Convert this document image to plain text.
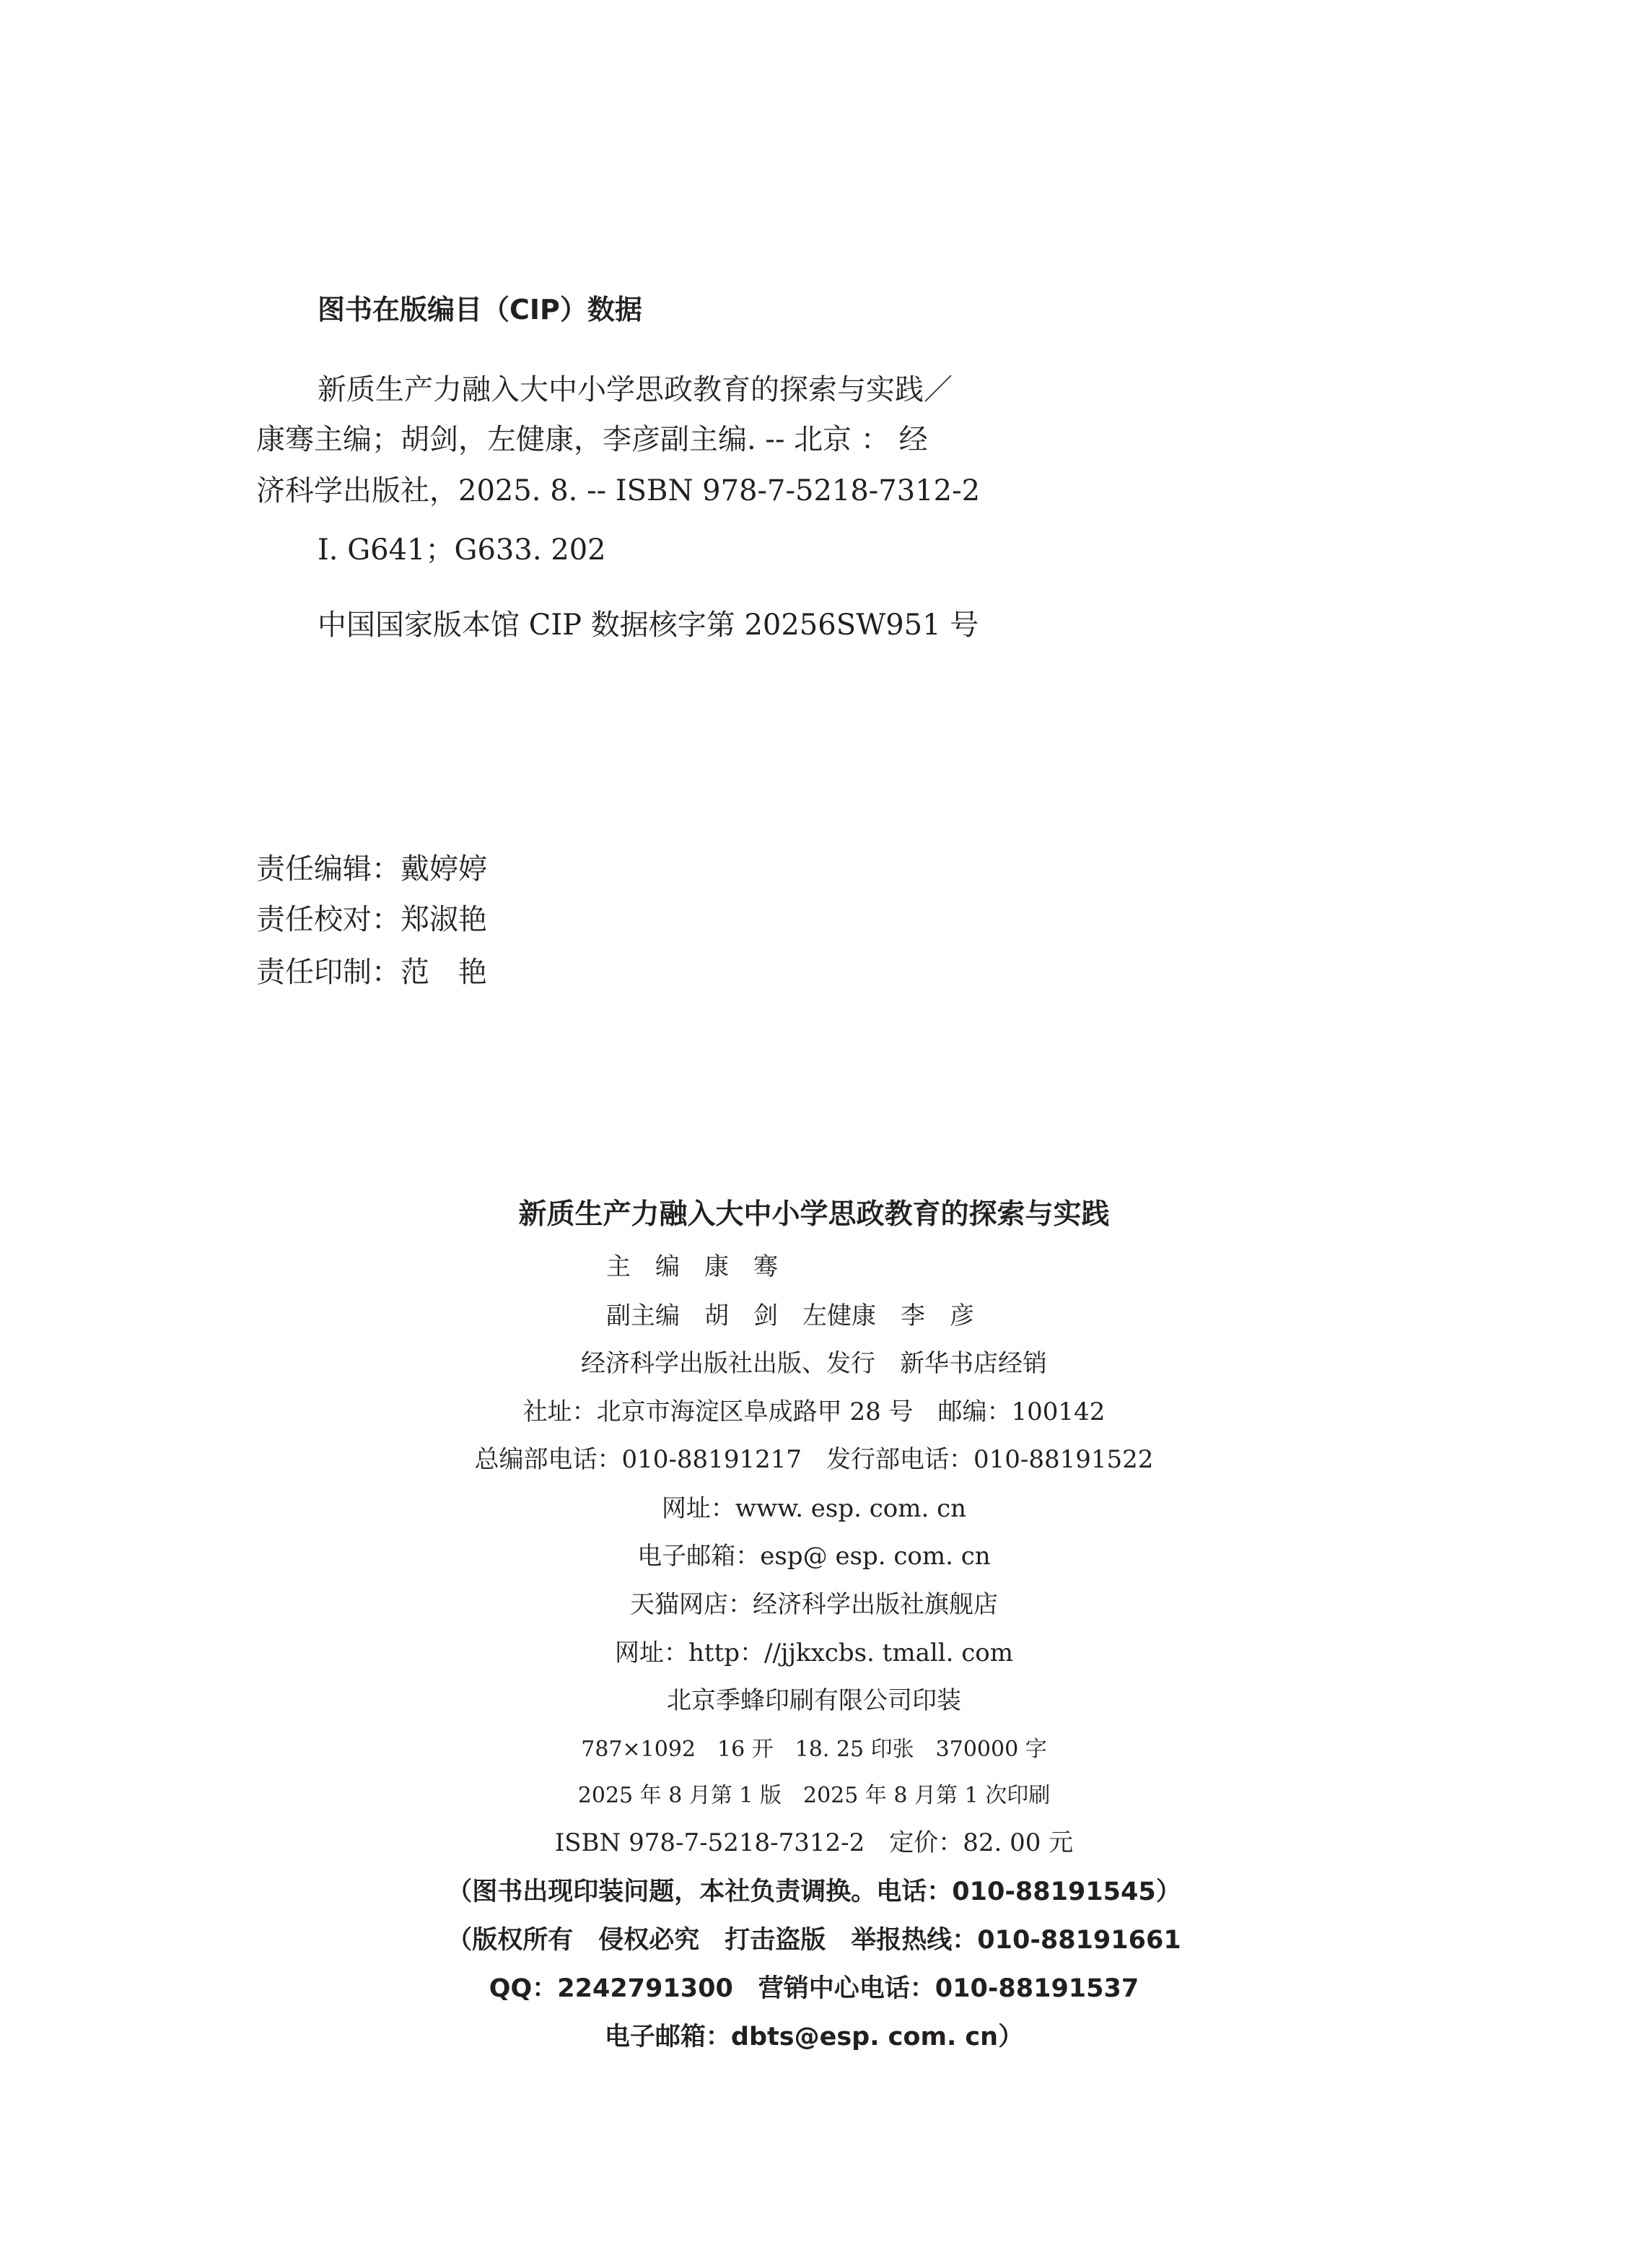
图书在版编目（CIP）数据
新质生产力融入大中小学思政教育的探索与实践／
康骞主编；胡剑，左健康，李彦副主编. -- 北京 ： 经
济科学出版社，2025. 8. -- ISBN 978-7-5218-7312-2
Ⅰ. G641；G633. 202
中国国家版本馆 CIP 数据核字第 20256SW951 号
责任编辑：戴婷婷
责任校对：郑淑艳
责任印制：范　艳
新质生产力融入大中小学思政教育的探索与实践
主　编　康　骞
副主编　胡　剑　左健康　李　彦
经济科学出版社出版、发行　新华书店经销
社址：北京市海淀区阜成路甲 28 号　邮编：100142
总编部电话：010-88191217　发行部电话：010-88191522
网址：www. esp. com. cn
电子邮箱：esp@ esp. com. cn
天猫网店：经济科学出版社旗舰店
网址：http：//jjkxcbs. tmall. com
北京季蜂印刷有限公司印装
787×1092　16 开　18. 25 印张　370000 字
2025 年 8 月第 1 版　2025 年 8 月第 1 次印刷
ISBN 978-7-5218-7312-2　定价：82. 00 元
（图书出现印装问题，本社负责调换。电话：010-88191545）
（版权所有　侵权必究　打击盗版　举报热线：010-88191661
QQ：2242791300　营销中心电话：010-88191537
电子邮箱：dbts@esp. com. cn）
